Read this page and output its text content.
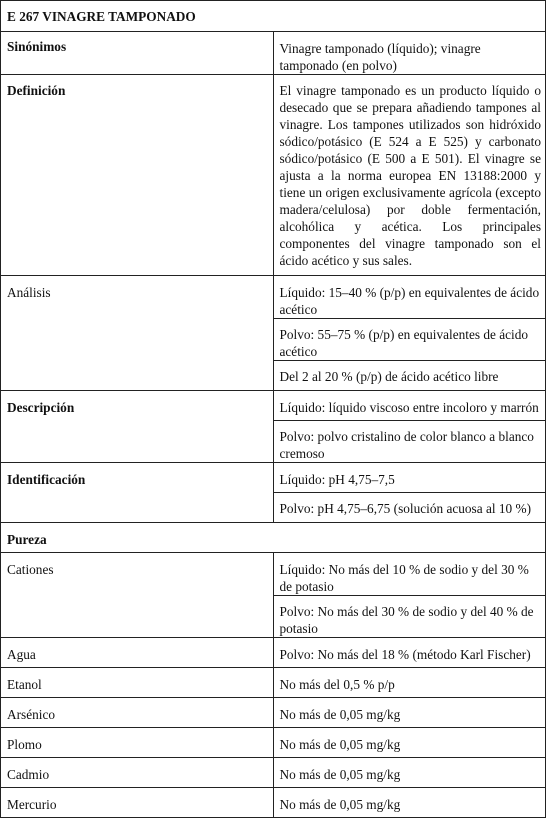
E 267 VINAGRE TAMPONADO	
Sinónimos	Vinagre tamponado (líquido); vinagre tamponado (en polvo)
Definición	El vinagre tamponado es un producto líquido o desecado que se prepara añadiendo tampones al vinagre. Los tampones utilizados son hidróxido sódico/potásico (E 524 a E 525) y carbonato sódico/potásico (E 500 a E 501). El vinagre se ajusta a la norma europea EN 13188:2000 y tiene un origen exclusivamente agrícola (excepto madera/celulosa) por doble fermentación, alcohólica y acética. Los principales componentes del vinagre tamponado son el ácido acético y sus sales.
Análisis	Líquido: 15–40 % (p/p) en equivalentes de ácido acético
	Polvo: 55–75 % (p/p) en equivalentes de ácido acético
	Del 2 al 20 % (p/p) de ácido acético libre
Descripción	Líquido: líquido viscoso entre incoloro y marrón
	Polvo: polvo cristalino de color blanco a blanco cremoso
Identificación	Líquido: pH 4,75–7,5
	Polvo: pH 4,75–6,75 (solución acuosa al 10 %)
Pureza	
Cationes	Líquido: No más del 10 % de sodio y del 30 % de potasio
	Polvo: No más del 30 % de sodio y del 40 % de potasio
Agua	Polvo: No más del 18 % (método Karl Fischer)
Etanol	No más del 0,5 % p/p
Arsénico	No más de 0,05 mg/kg
Plomo	No más de 0,05 mg/kg
Cadmio	No más de 0,05 mg/kg
Mercurio	No más de 0,05 mg/kg
